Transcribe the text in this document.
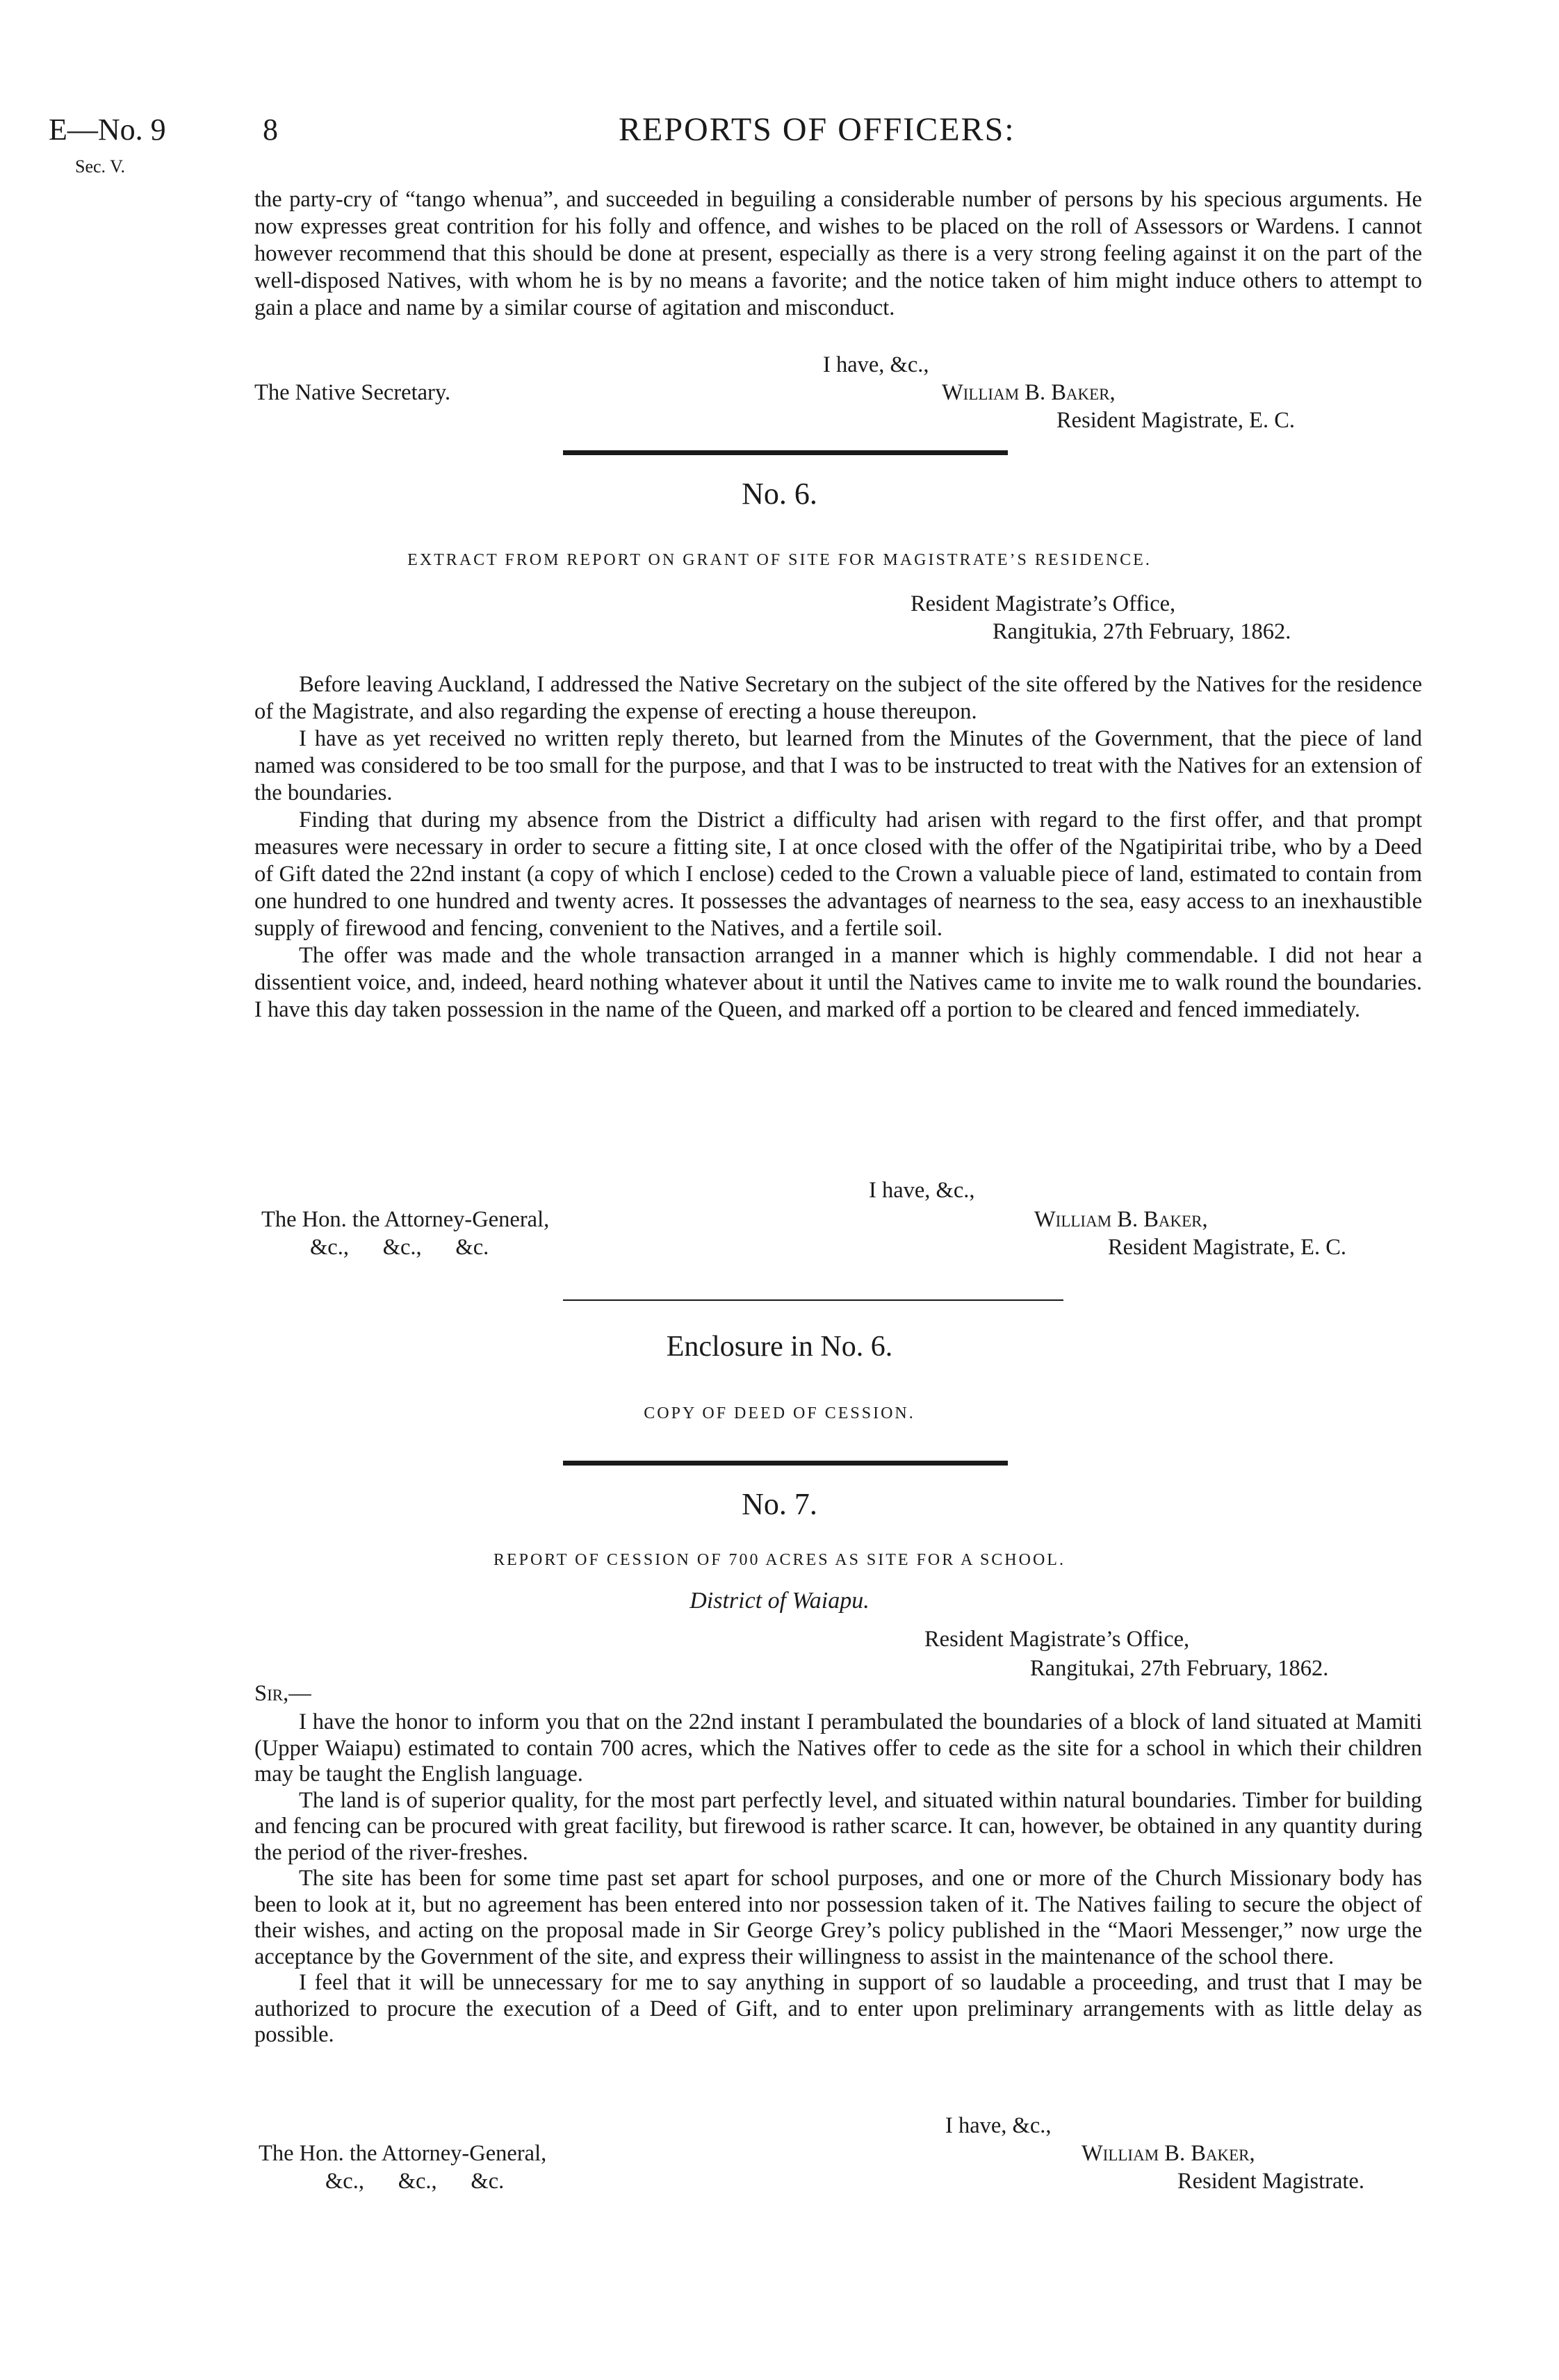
E—No. 9
Sec. V.
8	REPORTS OF OFFICERS:

the party-cry of “tango whenua”, and succeeded in beguiling a considerable number of persons by his specious arguments. He now expresses great contrition for his folly and offence, and wishes to be placed on the roll of Assessors or Wardens. I cannot however recommend that this should be done at present, especially as there is a very strong feeling against it on the part of the well-disposed Natives, with whom he is by no means a favorite; and the notice taken of him might induce others to attempt to gain a place and name by a similar course of agitation and misconduct.

I have, &c.,
The Native Secretary.	William B. Baker,
Resident Magistrate, E. C.
No. 6.
EXTRACT FROM REPORT ON GRANT OF SITE FOR MAGISTRATE’S RESIDENCE.
Resident Magistrate’s Office,
Rangitukia, 27th February, 1862.

Before leaving Auckland, I addressed the Native Secretary on the subject of the site offered by the Natives for the residence of the Magistrate, and also regarding the expense of erecting a house thereupon.

I have as yet received no written reply thereto, but learned from the Minutes of the Government, that the piece of land named was considered to be too small for the purpose, and that I was to be instructed to treat with the Natives for an extension of the boundaries.

Finding that during my absence from the District a difficulty had arisen with regard to the first offer, and that prompt measures were necessary in order to secure a fitting site, I at once closed with the offer of the Ngatipiritai tribe, who by a Deed of Gift dated the 22nd instant (a copy of which I enclose) ceded to the Crown a valuable piece of land, estimated to contain from one hundred to one hundred and twenty acres. It possesses the advantages of nearness to the sea, easy access to an inexhaustible supply of firewood and fencing, convenient to the Natives, and a fertile soil.

The offer was made and the whole transaction arranged in a manner which is highly commendable. I did not hear a dissentient voice, and, indeed, heard nothing whatever about it until the Natives came to invite me to walk round the boundaries. I have this day taken possession in the name of the Queen, and marked off a portion to be cleared and fenced immediately.

I have, &c.,
The Hon. the Attorney-General,
&c.,      &c.,      &c.
William B. Baker,
Resident Magistrate, E. C.
Enclosure in No. 6.
COPY OF DEED OF CESSION.
No. 7.
REPORT OF CESSION OF 700 ACRES AS SITE FOR A SCHOOL.
District of Waiapu.
Resident Magistrate’s Office,
Rangitukai, 27th February, 1862.
Sir,—

I have the honor to inform you that on the 22nd instant I perambulated the boundaries of a block of land situated at Mamiti (Upper Waiapu) estimated to contain 700 acres, which the Natives offer to cede as the site for a school in which their children may be taught the English language.

The land is of superior quality, for the most part perfectly level, and situated within natural boundaries. Timber for building and fencing can be procured with great facility, but firewood is rather scarce. It can, however, be obtained in any quantity during the period of the river-freshes.

The site has been for some time past set apart for school purposes, and one or more of the Church Missionary body has been to look at it, but no agreement has been entered into nor possession taken of it. The Natives failing to secure the object of their wishes, and acting on the proposal made in Sir George Grey’s policy published in the “Maori Messenger,” now urge the acceptance by the Government of the site, and express their willingness to assist in the maintenance of the school there.

I feel that it will be unnecessary for me to say anything in support of so laudable a proceeding, and trust that I may be authorized to procure the execution of a Deed of Gift, and to enter upon preliminary arrangements with as little delay as possible.

I have, &c.,
The Hon. the Attorney-General,
&c.,      &c.,      &c.
William B. Baker,
Resident Magistrate.
